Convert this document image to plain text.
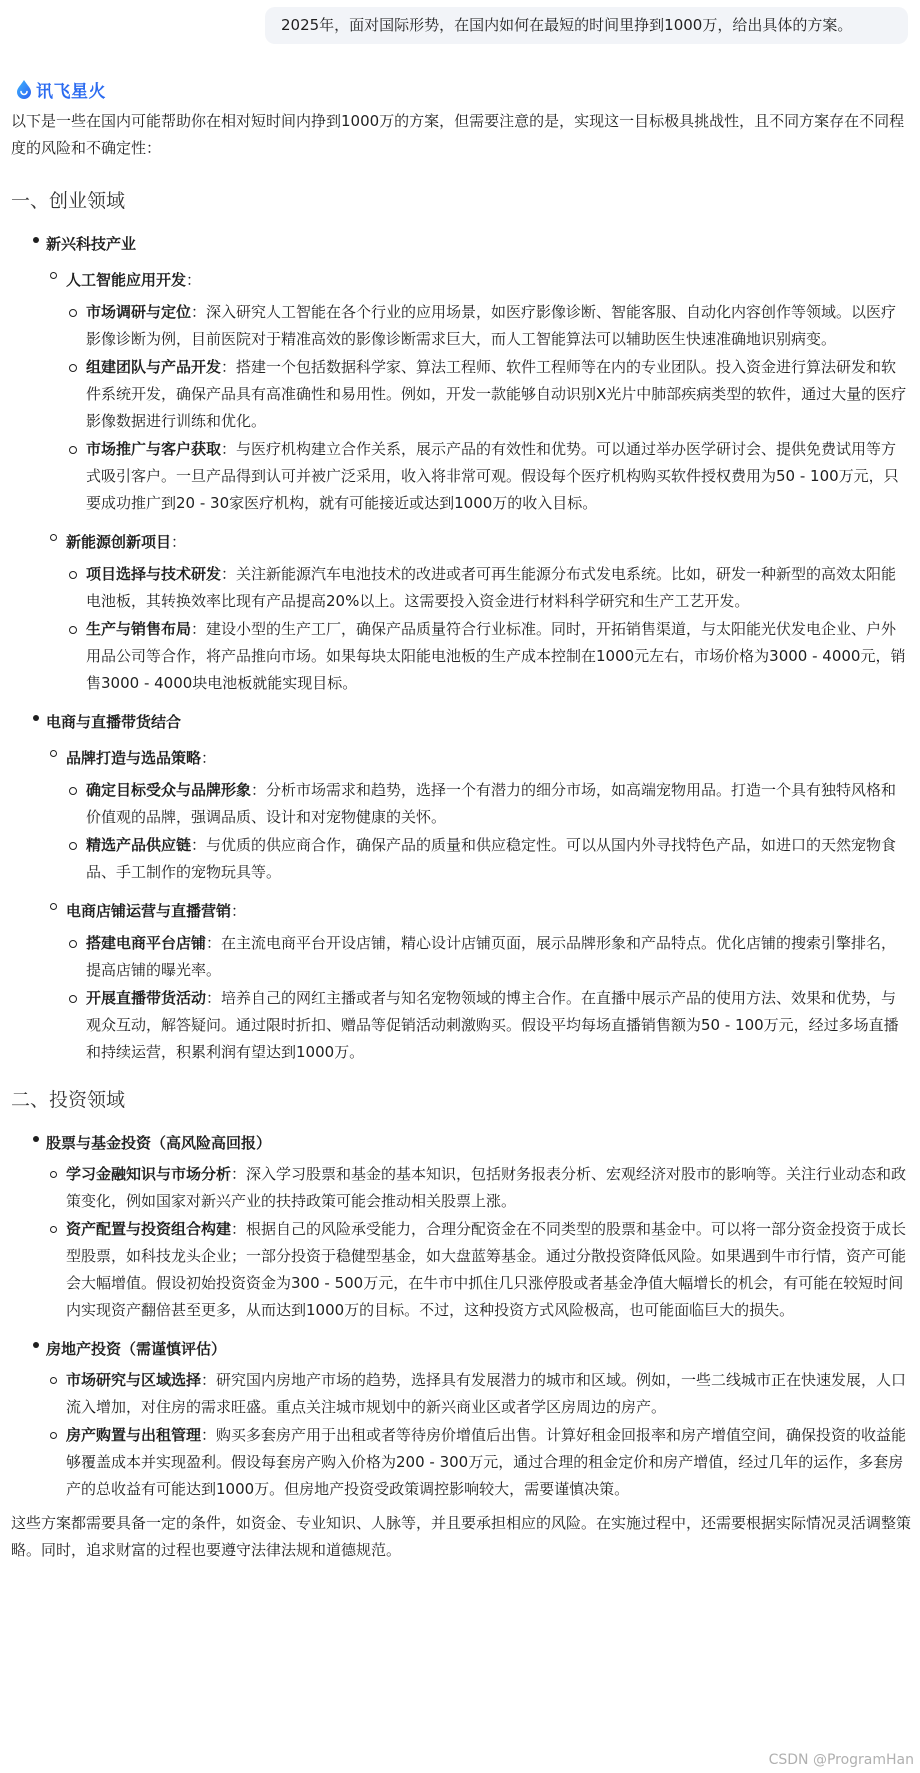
2025年，面对国际形势，在国内如何在最短的时间里挣到1000万，给出具体的方案。
讯飞星火

以下是一些在国内可能帮助你在相对短时间内挣到1000万的方案，但需要注意的是，实现这一目标极具挑战性，且不同方案存在不同程度的风险和不确定性：

一、创业领域
新兴科技产业
人工智能应用开发：
市场调研与定位：深入研究人工智能在各个行业的应用场景，如医疗影像诊断、智能客服、自动化内容创作等领域。以医疗影像诊断为例，目前医院对于精准高效的影像诊断需求巨大，而人工智能算法可以辅助医生快速准确地识别病变。
组建团队与产品开发：搭建一个包括数据科学家、算法工程师、软件工程师等在内的专业团队。投入资金进行算法研发和软件系统开发，确保产品具有高准确性和易用性。例如，开发一款能够自动识别X光片中肺部疾病类型的软件，通过大量的医疗影像数据进行训练和优化。
市场推广与客户获取：与医疗机构建立合作关系，展示产品的有效性和优势。可以通过举办医学研讨会、提供免费试用等方式吸引客户。一旦产品得到认可并被广泛采用，收入将非常可观。假设每个医疗机构购买软件授权费用为50 - 100万元，只要成功推广到20 - 30家医疗机构，就有可能接近或达到1000万的收入目标。
新能源创新项目：
项目选择与技术研发：关注新能源汽车电池技术的改进或者可再生能源分布式发电系统。比如，研发一种新型的高效太阳能电池板，其转换效率比现有产品提高20%以上。这需要投入资金进行材料科学研究和生产工艺开发。
生产与销售布局：建设小型的生产工厂，确保产品质量符合行业标准。同时，开拓销售渠道，与太阳能光伏发电企业、户外用品公司等合作，将产品推向市场。如果每块太阳能电池板的生产成本控制在1000元左右，市场价格为3000 - 4000元，销售3000 - 4000块电池板就能实现目标。
电商与直播带货结合
品牌打造与选品策略：
确定目标受众与品牌形象：分析市场需求和趋势，选择一个有潜力的细分市场，如高端宠物用品。打造一个具有独特风格和价值观的品牌，强调品质、设计和对宠物健康的关怀。
精选产品供应链：与优质的供应商合作，确保产品的质量和供应稳定性。可以从国内外寻找特色产品，如进口的天然宠物食品、手工制作的宠物玩具等。
电商店铺运营与直播营销：
搭建电商平台店铺：在主流电商平台开设店铺，精心设计店铺页面，展示品牌形象和产品特点。优化店铺的搜索引擎排名，提高店铺的曝光率。
开展直播带货活动：培养自己的网红主播或者与知名宠物领域的博主合作。在直播中展示产品的使用方法、效果和优势，与观众互动，解答疑问。通过限时折扣、赠品等促销活动刺激购买。假设平均每场直播销售额为50 - 100万元，经过多场直播和持续运营，积累利润有望达到1000万。
二、投资领域
股票与基金投资（高风险高回报）
学习金融知识与市场分析：深入学习股票和基金的基本知识，包括财务报表分析、宏观经济对股市的影响等。关注行业动态和政策变化，例如国家对新兴产业的扶持政策可能会推动相关股票上涨。
资产配置与投资组合构建：根据自己的风险承受能力，合理分配资金在不同类型的股票和基金中。可以将一部分资金投资于成长型股票，如科技龙头企业；一部分投资于稳健型基金，如大盘蓝筹基金。通过分散投资降低风险。如果遇到牛市行情，资产可能会大幅增值。假设初始投资资金为300 - 500万元，在牛市中抓住几只涨停股或者基金净值大幅增长的机会，有可能在较短时间内实现资产翻倍甚至更多，从而达到1000万的目标。不过，这种投资方式风险极高，也可能面临巨大的损失。
房地产投资（需谨慎评估）
市场研究与区域选择：研究国内房地产市场的趋势，选择具有发展潜力的城市和区域。例如，一些二线城市正在快速发展，人口流入增加，对住房的需求旺盛。重点关注城市规划中的新兴商业区或者学区房周边的房产。
房产购置与出租管理：购买多套房产用于出租或者等待房价增值后出售。计算好租金回报率和房产增值空间，确保投资的收益能够覆盖成本并实现盈利。假设每套房产购入价格为200 - 300万元，通过合理的租金定价和房产增值，经过几年的运作，多套房产的总收益有可能达到1000万。但房地产投资受政策调控影响较大，需要谨慎决策。

这些方案都需要具备一定的条件，如资金、专业知识、人脉等，并且要承担相应的风险。在实施过程中，还需要根据实际情况灵活调整策略。同时，追求财富的过程也要遵守法律法规和道德规范。

CSDN @ProgramHan
